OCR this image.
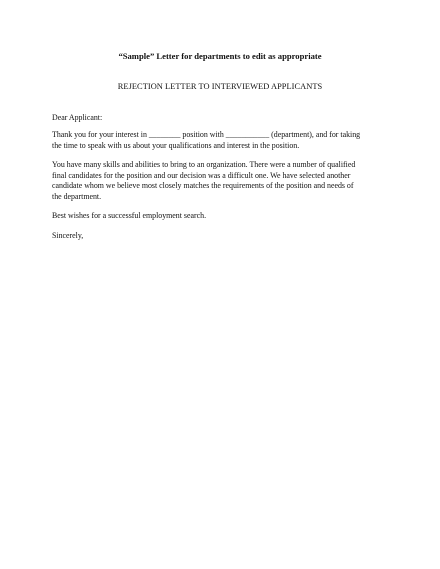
“Sample” Letter for departments to edit as appropriate
REJECTION LETTER TO INTERVIEWED APPLICANTS

Dear Applicant:

Thank you for your interest in ________ position with ___________ (department), and for taking
the time to speak with us about your qualifications and interest in the position.
You have many skills and abilities to bring to an organization. There were a number of qualified
final candidates for the position and our decision was a difficult one. We have selected another
candidate whom we believe most closely matches the requirements of the position and needs of
the department.

Best wishes for a successful employment search.

Sincerely,
